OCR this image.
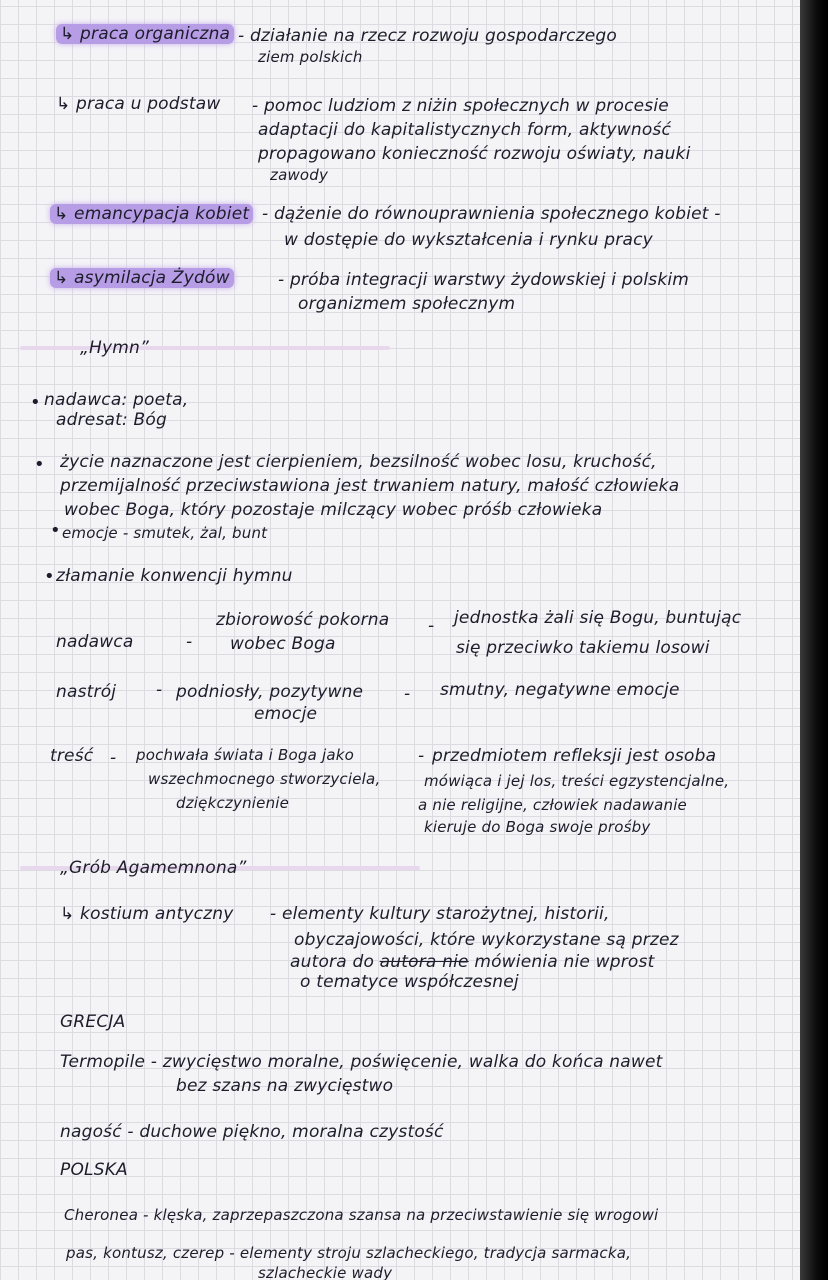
↳ praca organiczna - działanie na rzecz rozwoju gospodarczego
ziem polskich
↳ praca u podstaw - pomoc ludziom z niżin społecznych w procesie
adaptacji do kapitalistycznych form, aktywność
propagowano konieczność rozwoju oświaty, nauki
zawody
↳ emancypacja kobiet - dążenie do równouprawnienia społecznego kobiet -
w dostępie do wykształcenia i rynku pracy
↳ asymilacja Żydów	- próba integracji warstwy żydowskiej i polskim
organizmem społecznym
„Hymn”
• nadawca: poeta,
adresat: Bóg
• życie naznaczone jest cierpieniem, bezsilność wobec losu, kruchość,
przemijalność przeciwstawiona jest trwaniem natury, małość człowieka
wobec Boga, który pozostaje milczący wobec próśb człowieka
• emocje - smutek, żal, bunt
• złamanie konwencji hymnu
nadawca	-
zbiorowość pokorna
wobec Boga
- jednostka żali się Bogu, buntując
się przeciwko takiemu losowi
nastrój - podniosły, pozytywne
emocje
- smutny, negatywne emocje
treść - pochwała świata i Boga jako
wszechmocnego stworzyciela,
dziękczynienie
- przedmiotem refleksji jest osoba
mówiąca i jej los, treści egzystencjalne,
a nie religijne, człowiek nadawanie
kieruje do Boga swoje prośby
„Grób Agamemnona”
↳ kostium antyczny - elementy kultury starożytnej, historii,
obyczajowości, które wykorzystane są przez
autora do autora nie mówienia nie wprost
o tematyce współczesnej
GRECJA
Termopile - zwycięstwo moralne, poświęcenie, walka do końca nawet
bez szans na zwycięstwo
nagość - duchowe piękno, moralna czystość
POLSKA
Cheronea - klęska, zaprzepaszczona szansa na przeciwstawienie się wrogowi
pas, kontusz, czerep - elementy stroju szlacheckiego, tradycja sarmacka,
szlacheckie wady
